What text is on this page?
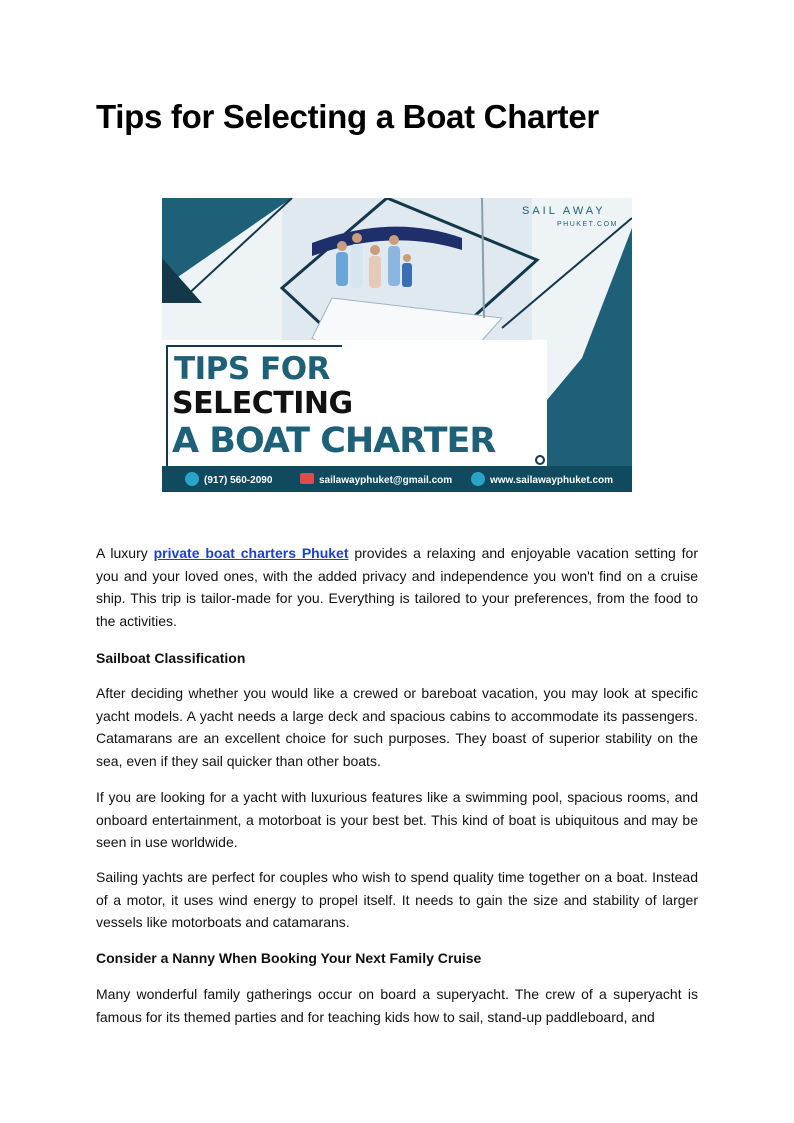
Tips for Selecting a Boat Charter
SAIL AWAY
PHUKET.COM
TIPS FOR
SELECTING
A BOAT CHARTER
(917) 560-2090	sailawayphuket@gmail.com	www.sailawayphuket.com

A luxury private boat charters Phuket provides a relaxing and enjoyable vacation setting for you and your loved ones, with the added privacy and independence you won't find on a cruise ship. This trip is tailor-made for you. Everything is tailored to your preferences, from the food to the activities.

Sailboat Classification

After deciding whether you would like a crewed or bareboat vacation, you may look at specific yacht models. A yacht needs a large deck and spacious cabins to accommodate its passengers. Catamarans are an excellent choice for such purposes. They boast of superior stability on the sea, even if they sail quicker than other boats.

If you are looking for a yacht with luxurious features like a swimming pool, spacious rooms, and onboard entertainment, a motorboat is your best bet. This kind of boat is ubiquitous and may be seen in use worldwide.

Sailing yachts are perfect for couples who wish to spend quality time together on a boat. Instead of a motor, it uses wind energy to propel itself. It needs to gain the size and stability of larger vessels like motorboats and catamarans.

Consider a Nanny When Booking Your Next Family Cruise

Many wonderful family gatherings occur on board a superyacht. The crew of a superyacht is famous for its themed parties and for teaching kids how to sail, stand-up paddleboard, and
